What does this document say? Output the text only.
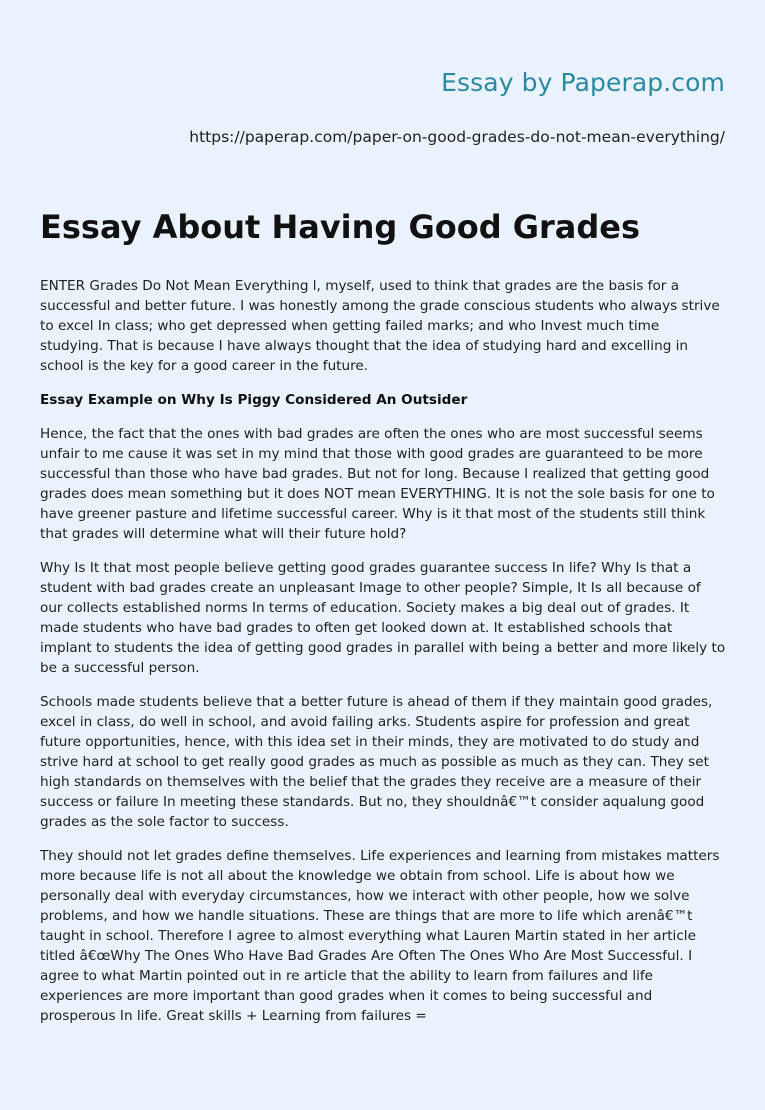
Essay by Paperap.com
https://paperap.com/paper-on-good-grades-do-not-mean-everything/
Essay About Having Good Grades

ENTER Grades Do Not Mean Everything l, myself, used to think that grades are the basis for a successful and better future. I was honestly among the grade conscious students who always strive to excel In class; who get depressed when getting failed marks; and who Invest much time studying. That is because I have always thought that the idea of studying hard and excelling in school is the key for a good career in the future.

Essay Example on Why Is Piggy Considered An Outsider

Hence, the fact that the ones with bad grades are often the ones who are most successful seems unfair to me cause it was set in my mind that those with good grades are guaranteed to be more successful than those who have bad grades. But not for long. Because I realized that getting good grades does mean something but it does NOT mean EVERYTHING. It is not the sole basis for one to have greener pasture and lifetime successful career. Why is it that most of the students still think that grades will determine what will their future hold?

Why Is It that most people believe getting good grades guarantee success In life? Why Is that a student with bad grades create an unpleasant Image to other people? Simple, It Is all because of our collects established norms In terms of education. Society makes a big deal out of grades. It made students who have bad grades to often get looked down at. It established schools that implant to students the idea of getting good grades in parallel with being a better and more likely to be a successful person.

Schools made students believe that a better future is ahead of them if they maintain good grades, excel in class, do well in school, and avoid failing arks. Students aspire for profession and great future opportunities, hence, with this idea set in their minds, they are motivated to do study and strive hard at school to get really good grades as much as possible as much as they can. They set high standards on themselves with the belief that the grades they receive are a measure of their success or failure In meeting these standards. But no, they shouldnâ€™t consider aqualung good grades as the sole factor to success.

They should not let grades define themselves. Life experiences and learning from mistakes matters more because life is not all about the knowledge we obtain from school. Life is about how we personally deal with everyday circumstances, how we interact with other people, how we solve problems, and how we handle situations. These are things that are more to life which arenâ€™t taught in school. Therefore I agree to almost everything what Lauren Martin stated in her article titled â€œWhy The Ones Who Have Bad Grades Are Often The Ones Who Are Most Successful. I agree to what Martin pointed out in re article that the ability to learn from failures and life experiences are more important than good grades when it comes to being successful and prosperous In life. Great skills + Learning from failures =
